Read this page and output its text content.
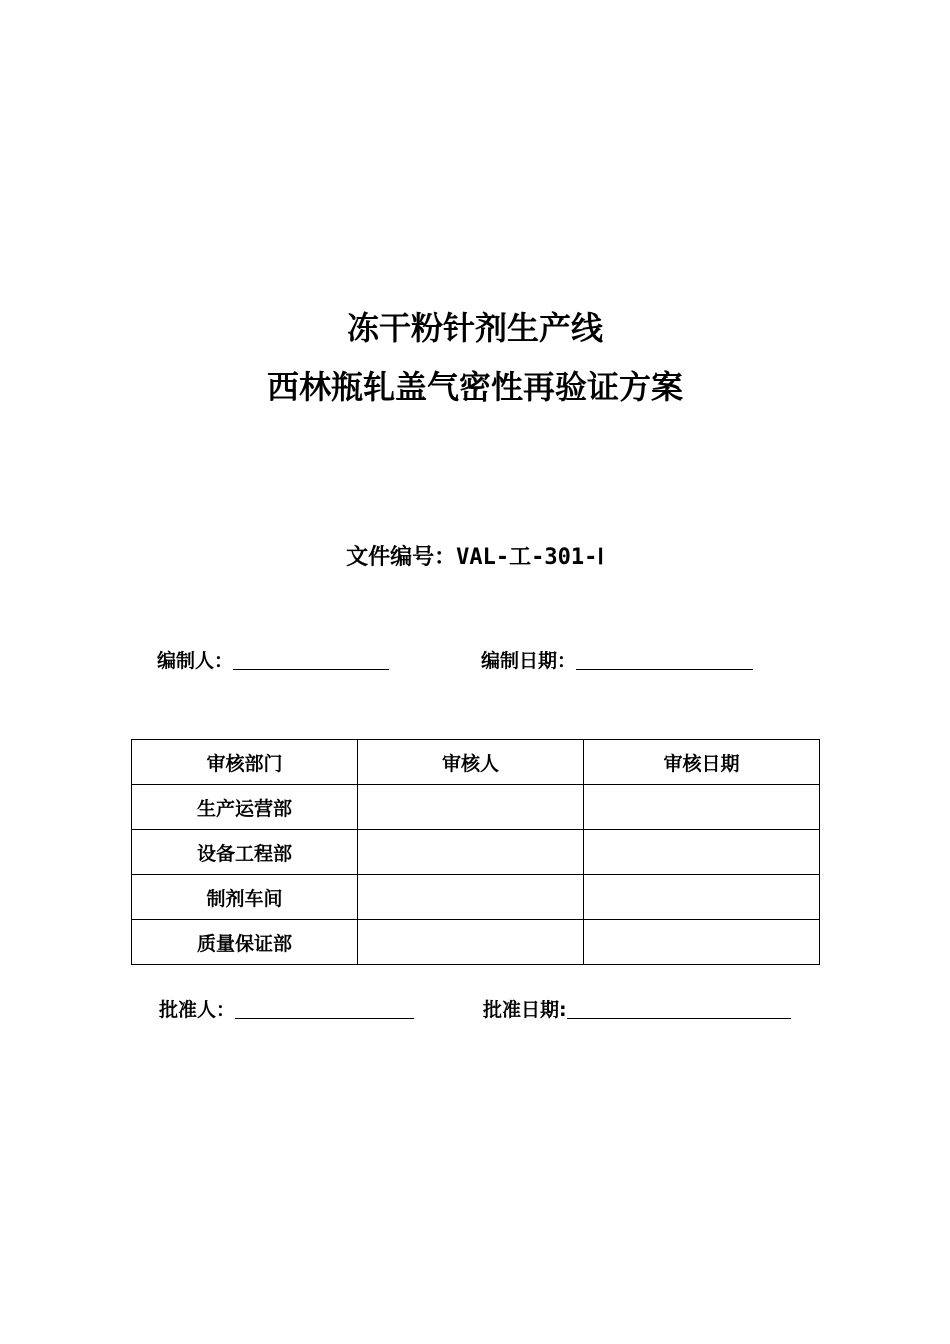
冻干粉针剂生产线
西林瓶轧盖气密性再验证方案
文件编号：VAL-工-301-Ⅰ
编制人：	编制日期：
审核部门	审核人	审核日期
生产运营部		
设备工程部		
制剂车间		
质量保证部		
批准人：	批准日期:
